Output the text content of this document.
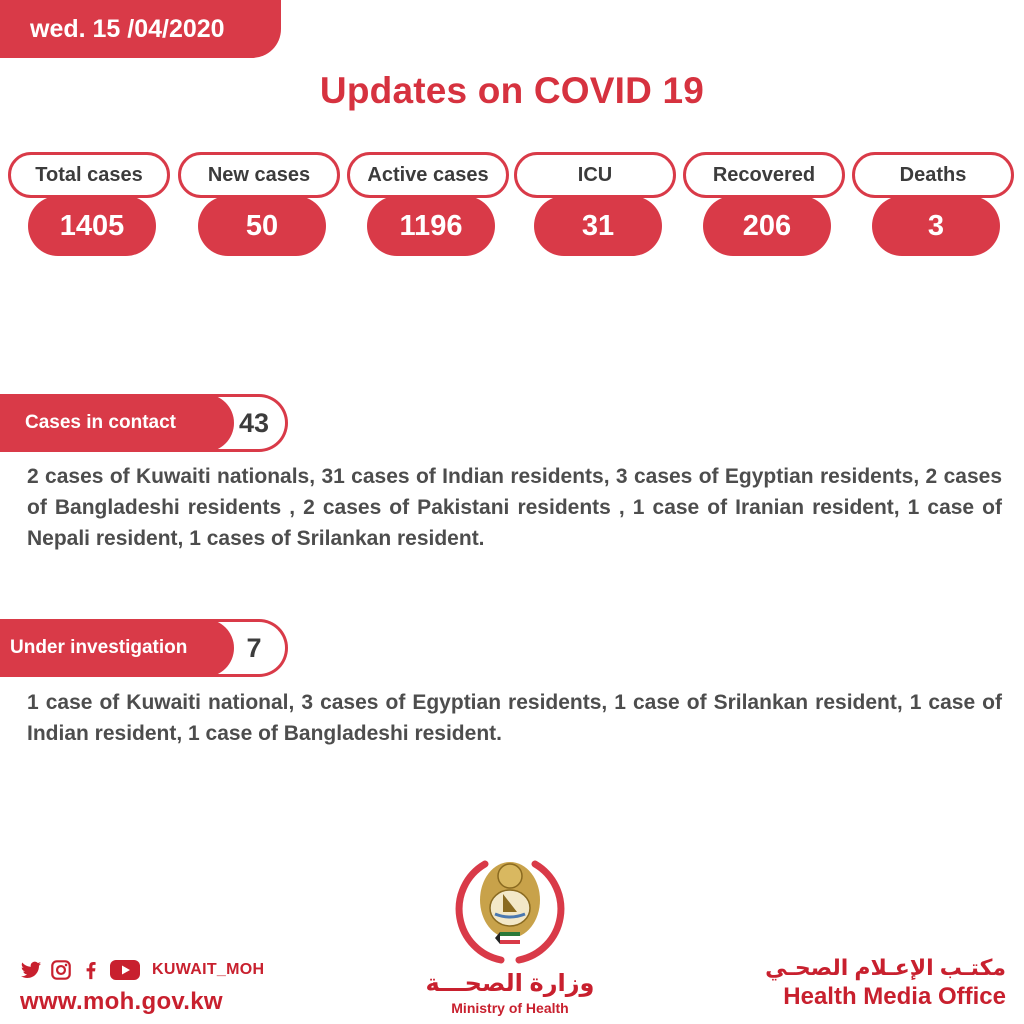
wed. 15 /04/2020
Updates on COVID 19
Total cases
1405
New cases
50
Active cases
1196
ICU
31
Recovered
206
Deaths
3
Cases in contact	43
2 cases of Kuwaiti nationals, 31 cases of Indian residents, 3 cases of Egyptian residents, 2 cases of Bangladeshi residents , 2 cases of Pakistani residents , 1 case of Iranian resident, 1 case of Nepali resident, 1 cases of Srilankan resident.
Under investigation	7
1 case of Kuwaiti national, 3 cases of Egyptian residents, 1 case of Srilankan resident, 1 case of Indian resident, 1 case of Bangladeshi resident.
KUWAIT_MOH
www.moh.gov.kw
وزارة الصحـــة
Ministry of Health
مكتـب الإعـلام الصحـي
Health Media Office
